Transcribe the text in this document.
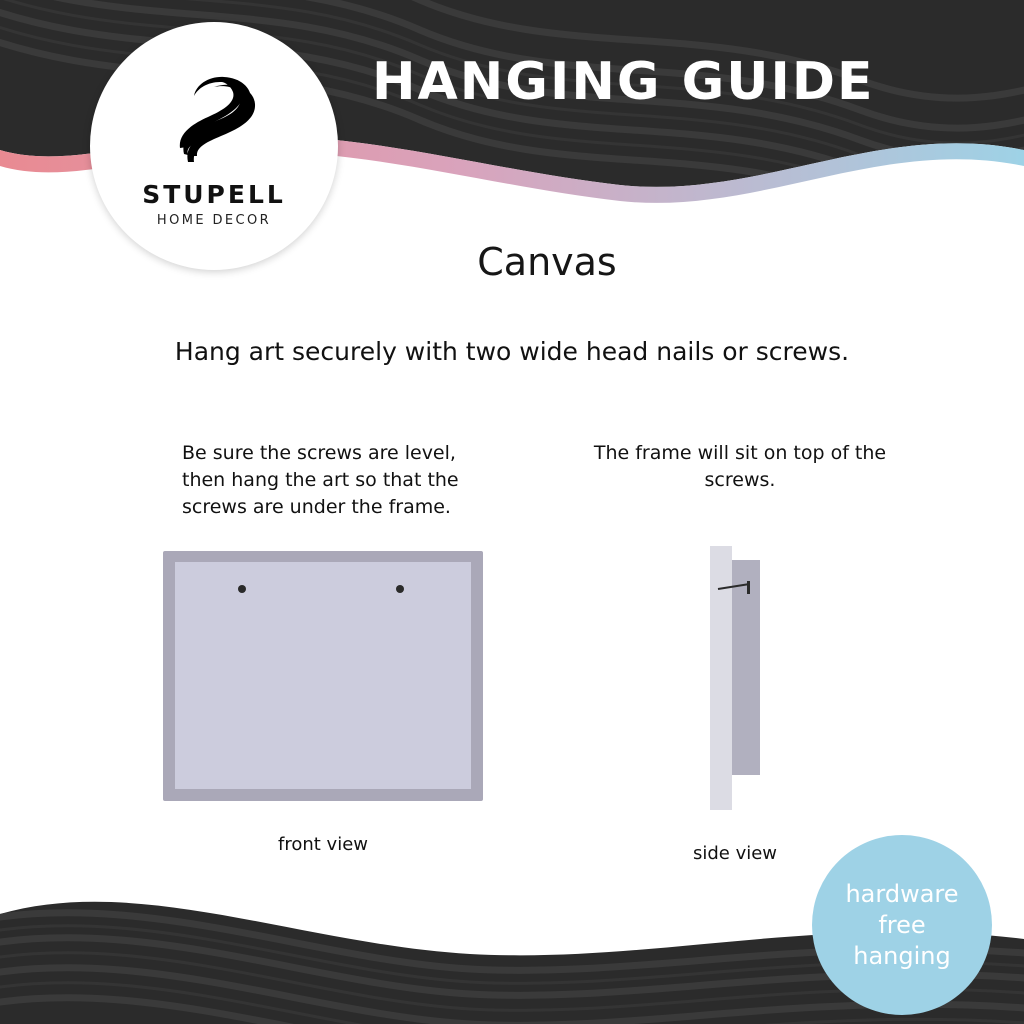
STUPELL
HOME DECOR
HANGING GUIDE
Canvas
Hang art securely with two wide head nails or screws.
Be sure the screws are level, then hang the art so that the screws are under the frame.
The frame will sit on top of the screws.
front view	side view
hardware
free
hanging
